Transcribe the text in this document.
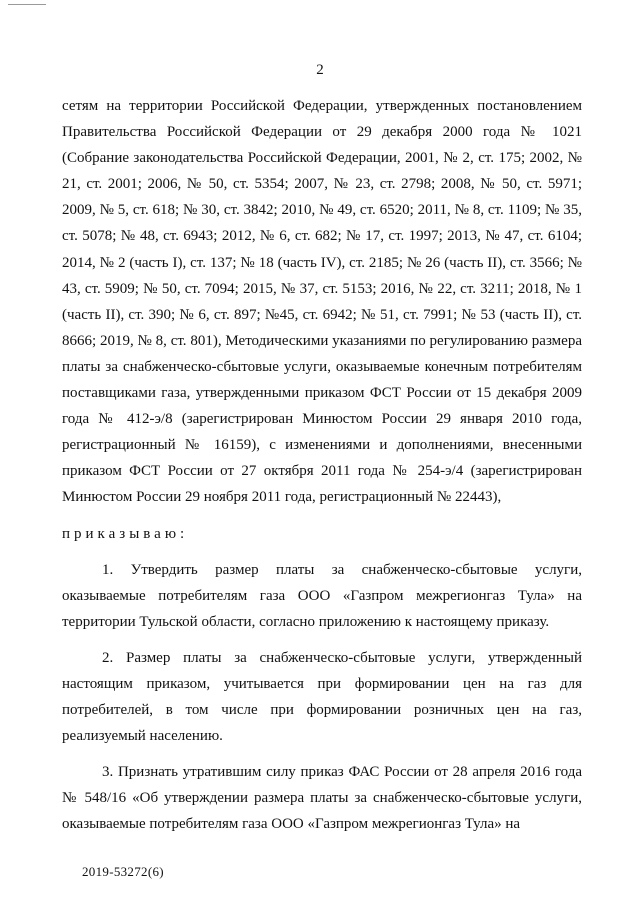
2

сетям на территории Российской Федерации, утвержденных постановлением Правительства Российской Федерации от 29 декабря 2000 года № 1021 (Собрание законодательства Российской Федерации, 2001, № 2, ст. 175; 2002, № 21, ст. 2001; 2006, № 50, ст. 5354; 2007, № 23, ст. 2798; 2008, № 50, ст. 5971; 2009, № 5, ст. 618; № 30, ст. 3842; 2010, № 49, ст. 6520; 2011, № 8, ст. 1109; № 35, ст. 5078; № 48, ст. 6943; 2012, № 6, ст. 682; № 17, ст. 1997; 2013, № 47, ст. 6104; 2014, № 2 (часть I), ст. 137; № 18 (часть IV), ст. 2185; № 26 (часть II), ст. 3566; № 43, ст. 5909; № 50, ст. 7094; 2015, № 37, ст. 5153; 2016, № 22, ст. 3211; 2018, № 1 (часть II), ст. 390; № 6, ст. 897; №45, ст. 6942; № 51, ст. 7991; № 53 (часть II), ст. 8666; 2019, № 8, ст. 801), Методическими указаниями по регулированию размера платы за снабженческо-сбытовые услуги, оказываемые конечным потребителям поставщиками газа, утвержденными приказом ФСТ России от 15 декабря 2009 года № 412-э/8 (зарегистрирован Минюстом России 29 января 2010 года, регистрационный № 16159), с изменениями и дополнениями, внесенными приказом ФСТ России от 27 октября 2011 года № 254-э/4 (зарегистрирован Минюстом России 29 ноября 2011 года, регистрационный № 22443),

приказываю:

1. Утвердить размер платы за снабженческо-сбытовые услуги, оказываемые потребителям газа ООО «Газпром межрегионгаз Тула» на территории Тульской области, согласно приложению к настоящему приказу.

2. Размер платы за снабженческо-сбытовые услуги, утвержденный настоящим приказом, учитывается при формировании цен на газ для потребителей, в том числе при формировании розничных цен на газ, реализуемый населению.

3. Признать утратившим силу приказ ФАС России от 28 апреля 2016 года № 548/16 «Об утверждении размера платы за снабженческо-сбытовые услуги, оказываемые потребителям газа ООО «Газпром межрегионгаз Тула» на

2019-53272(6)
